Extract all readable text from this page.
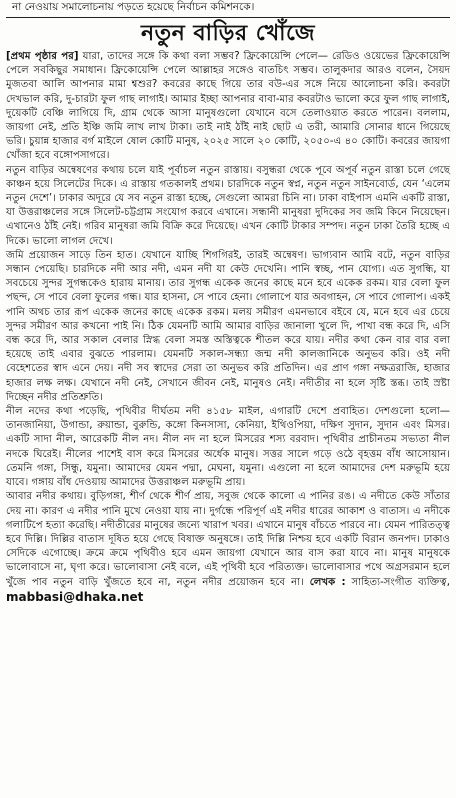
না নেওয়ায় সমালোচনায় পড়তে হয়েছে নির্বাচন কমিশনকে।
নতুন বাড়ির খোঁজে

[প্রথম পৃষ্ঠার পর] যারা, তাদের সঙ্গে কি কথা বলা সম্ভব? ফ্রিকোয়েন্সি পেলে— রেডিও ওয়েভের ফ্রিকোয়েন্সি পেলে সবকিছুর সমাধান। ফ্রিকোয়েন্সি পেলে আল্লাহর সঙ্গেও বাতচিৎ সম্ভব। তালুকদার আরও বলেন, সৈয়দ মুজতবা আলি আপনার মামা শ্বশুর? কবরের কাছে গিয়ে তার বউ-এর সঙ্গে নিয়ে আলোচনা করি। কবরটা দেখভাল করি, দু-চারটা ফুল গাছ লাগাই। আমার ইচ্ছা আপনার বাবা-মার কবরটাও ভালো করে ফুল গাছ লাগাই, দুয়েকটি বেঞ্চি লাগিয়ে দি, গ্রাম থেকে আসা মানুষগুলো যেখানে বসে তেলাওয়াত করতে পারেন। বললাম, জায়গা নেই, প্রতি ইঞ্চি জমি লাখ লাখ টাকা। তাই নাই ঠাঁই নাই ছোট এ তরী, আমারি সোনার ধানে গিয়েছে ভরি। চুয়ান্ন হাজার বর্গ মাইলে ষোল কোটি মানুষ, ২০২৫ সালে ২০ কোটি, ২০৫০-এ ৪০ কোটি। কবরের জায়গা খোঁজা হবে বঙ্গোপসাগরে।

নতুন বাড়ির অন্বেষণের কথায় চলে যাই পূর্বাচল নতুন রাস্তায়। বসুন্ধরা থেকে পূবে অপূর্ব নতুন রাস্তা চলে গেছে কাঞ্চন হয়ে সিলেটের দিকে। এ রাস্তায় গতকালই প্রথম। চারদিকে নতুন স্বপ্ন, নতুন নতুন সাইনবোর্ড, যেন ‘এলেম নতুন দেশে’। ঢাকার অদূরে যে সব নতুন রাস্তা হচ্ছে, সেগুলো আমরা চিনি না। ঢাকা বাইপাস এমনি একটি রাস্তা, যা উত্তরাঞ্চলের সঙ্গে সিলেট-চট্টগ্রাম সংযোগ করবে এখানে। সন্ধানী মানুষরা দুদিকের সব জমি কিনে নিয়েছেন। এখানেও ঠাঁই নেই। গরিব মানুষরা জমি বিক্রি করে দিয়েছে। এখন কোটি টাকার সম্পদ। নতুন ঢাকা তৈরি হচ্ছে এ দিকে। ভালো লাগল দেখে।

জমি প্রয়োজন সাড়ে তিন হাত। যেখানে যাচ্ছি শিগগিরই, তারই অন্বেষণ। ভাগ্যবান আমি বটে, নতুন বাড়ির সন্ধান পেয়েছি। চারদিকে নদী আর নদী, এমন নদী যা কেউ দেখেনি। পানি স্বচ্ছ, পান যোগ্য। এত সুগন্ধি, যা সবচেয়ে সুন্দর সুগন্ধকেও হারায় মানায়। তার সুগন্ধ একেক জনের কাছে মনে হবে একেক রকম। যার বেলা ফুল পছন্দ, সে পাবে বেলা ফুলের গন্ধ। যার হাসনা, সে পাবে হেনা। গোলাপে যার অবগাহন, সে পাবে গোলাপ। একই পানি অথচ তার রূপ একেক জনের কাছে একেক রকম। মলয় সমীরণ এমনভাবে বইবে যে, মনে হবে এর চেয়ে সুন্দর সমীরণ আর কখনো পাই নি। ঠিক যেমনটি আমি আমার বাড়ির জানালা খুলে দি, পাখা বন্ধ করে দি, এসি বন্ধ করে দি, আর সকাল বেলার স্নিগ্ধ বেলা সমস্ত অস্তিত্বকে শীতল করে যায়। নদীর কথা কেন বার বার বলা হয়েছে তাই এবার বুঝতে পারলাম। যেমনটি সকাল-সন্ধ্যা জন্ম নদী কালজানিকে অনুভব করি। ওই নদী বেহেশতের স্বাদ এনে দেয়। নদী সব স্বাদের সেরা তা অনুভব করি প্রতিদিন। এর প্রাণ গঙ্গা নক্ষত্ররাজি, হাজার হাজার লক্ষ লক্ষ। যেখানে নদী নেই, সেখানে জীবন নেই, মানুষও নেই। নদীতীর না হলে সৃষ্টি স্তব্ধ। তাই স্রষ্টা দিচ্ছেন নদীর প্রতিশ্রুতি।

নীল নদের কথা পড়েছি, পৃথিবীর দীর্ঘতম নদী ৪১৫৮ মাইল, এগারটি দেশে প্রবাহিত। দেশগুলো হলো— তানজানিয়া, উগান্ডা, রুয়ান্ডা, বুরুন্ডি, কঙ্গো কিনসাসা, কেনিয়া, ইথিওপিয়া, দক্ষিণ সুদান, সুদান এবং মিসর। একটি সাদা নীল, আরেকটি নীল নদ। নীল নদ না হলে মিসরের শস্য বরবাদ। পৃথিবীর প্রাচীনতম সভ্যতা নীল নদকে ঘিরেই। নীলের পাশেই বাস করে মিসরের অর্ধেক মানুষ। সত্তর সালে গড়ে ওঠে বৃহত্তম বাঁধ আসোয়ান। তেমনি গঙ্গা, সিন্ধু, যমুনা। আমাদের যেমন পদ্মা, মেঘনা, যমুনা। এগুলো না হলে আমাদের দেশ মরুভূমি হয়ে যাবে। গঙ্গায় বাঁধ দেওয়ায় আমাদের উত্তরাঞ্চল মরুভূমি প্রায়।

আবার নদীর কথায়। বুড়িগঙ্গা, শীর্ণ থেকে শীর্ণ প্রায়, সবুজ থেকে কালো এ পানির রঙ। এ নদীতে কেউ সাঁতার দেয় না। কারণ এ নদীর পানি মুখে নেওয়া যায় না। দুর্গন্ধে পরিপূর্ণ এই নদীর ধারের আকাশ ও বাতাস। এ নদীকে গলাটিপে হত্যা করেছি। নদীতীরের মানুষের জন্যে খারাপ খবর। এখানে মানুষ বাঁচতে পারবে না। যেমন পারিতত্ত্ব হবে দিল্লি। দিল্লির বাতাস দূষিত হয়ে গেছে বিষাক্ত অনুষঙ্গে। তাই দিল্লি নিশ্চয় হবে একটি বিরান জনপদ। ঢাকাও সেদিকে এগোচ্ছে। ক্রমে ক্রমে পৃথিবীও হবে এমন জায়গা যেখানে আর বাস করা যাবে না। মানুষ মানুষকে ভালোবাসে না, ঘৃণা করে। ভালোবাসা নেই বলে, এই পৃথিবী হবে পরিত্যক্ত। ভালোবাসার পথে অগ্রসরমান হলে খুঁজে পাব নতুন বাড়ি খুঁজতে হবে না, নতুন নদীর প্রয়োজন হবে না। লেখক : সাহিত্য-সংগীত ব্যক্তিত্ব, mabbasi@dhaka.net
